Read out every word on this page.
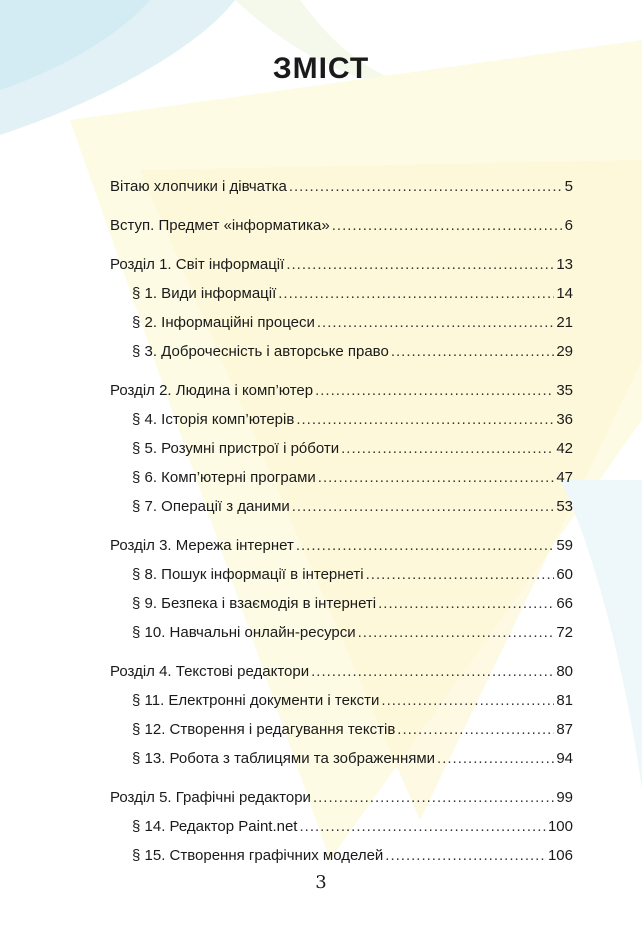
ЗМІСТ
Вітаю хлопчики і дівчатка .....	5
Вступ. Предмет «інформатика» .....	6
Розділ 1. Світ інформації .....	13
§ 1. Види інформації .....	14
§ 2. Інформаційні процеси .....	21
§ 3. Доброчесність і авторське право .....	29
Розділ 2. Людина і комп’ютер .....	35
§ 4. Історія комп’ютерів .....	36
§ 5. Розумні пристрої і рóботи .....	42
§ 6. Комп’ютерні програми .....	47
§ 7. Операції з даними .....	53
Розділ 3. Мережа інтернет .....	59
§ 8. Пошук інформації в інтернеті .....	60
§ 9. Безпека і взаємодія в інтернеті .....	66
§ 10. Навчальні онлайн-ресурси .....	72
Розділ 4. Текстові редактори .....	80
§ 11. Електронні документи і тексти .....	81
§ 12. Створення і редагування текстів .....	87
§ 13. Робота з таблицями та зображеннями .....	94
Розділ 5. Графічні редактори .....	99
§ 14. Редактор Paint.net .....	100
§ 15. Створення графічних моделей .....	106
3
